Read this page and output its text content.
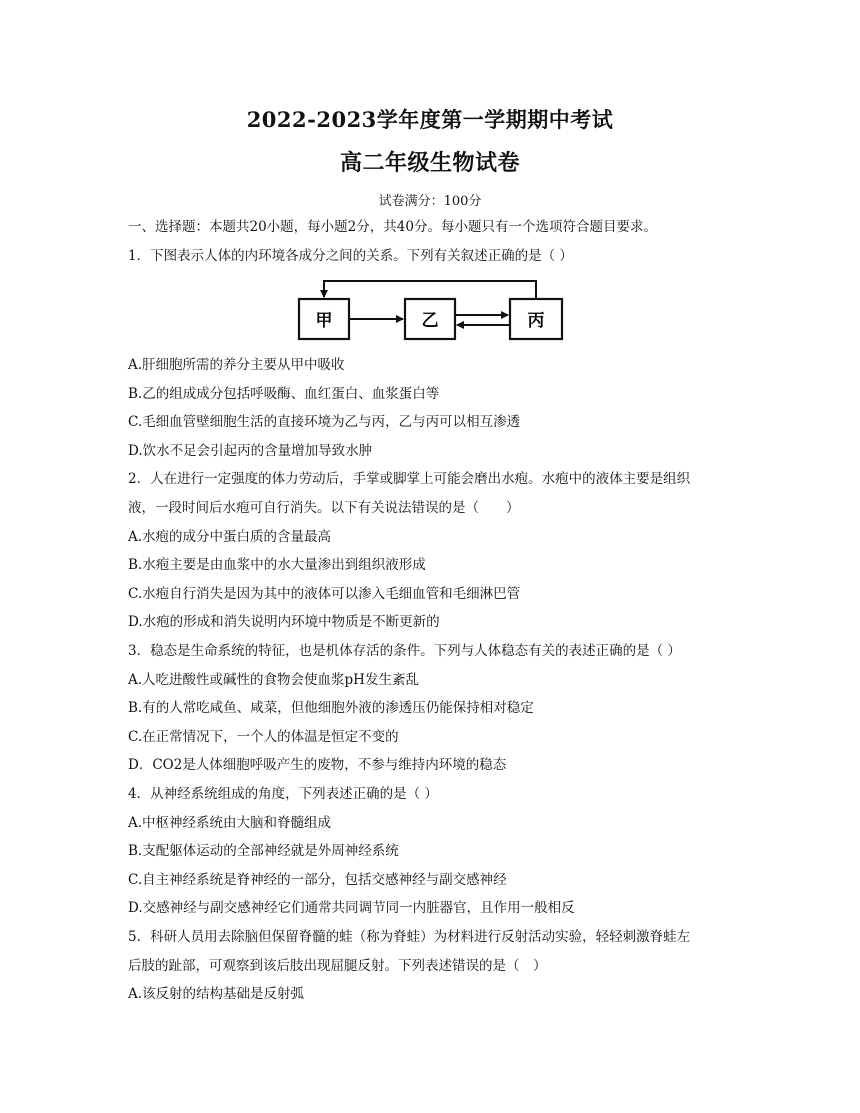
2022-2023学年度第一学期期中考试
高二年级生物试卷
试卷满分：100分
一、选择题：本题共20小题，每小题2分，共40分。每小题只有一个选项符合题目要求。
1．下图表示人体的内环境各成分之间的关系。下列有关叙述正确的是（ ）
甲	乙	丙
A.肝细胞所需的养分主要从甲中吸收
B.乙的组成成分包括呼吸酶、血红蛋白、血浆蛋白等
C.毛细血管壁细胞生活的直接环境为乙与丙，乙与丙可以相互渗透
D.饮水不足会引起丙的含量增加导致水肿
2．人在进行一定强度的体力劳动后，手掌或脚掌上可能会磨出水疱。水疱中的液体主要是组织
液，一段时间后水疱可自行消失。以下有关说法错误的是（　　）
A.水疱的成分中蛋白质的含量最高
B.水疱主要是由血浆中的水大量渗出到组织液形成
C.水疱自行消失是因为其中的液体可以渗入毛细血管和毛细淋巴管
D.水疱的形成和消失说明内环境中物质是不断更新的
3．稳态是生命系统的特征，也是机体存活的条件。下列与人体稳态有关的表述正确的是（ ）
A.人吃进酸性或碱性的食物会使血浆pH发生紊乱
B.有的人常吃咸鱼、咸菜，但他细胞外液的渗透压仍能保持相对稳定
C.在正常情况下，一个人的体温是恒定不变的
D．CO2是人体细胞呼吸产生的废物，不参与维持内环境的稳态
4．从神经系统组成的角度，下列表述正确的是（ ）
A.中枢神经系统由大脑和脊髓组成
B.支配躯体运动的全部神经就是外周神经系统
C.自主神经系统是脊神经的一部分，包括交感神经与副交感神经
D.交感神经与副交感神经它们通常共同调节同一内脏器官，且作用一般相反
5．科研人员用去除脑但保留脊髓的蛙（称为脊蛙）为材料进行反射活动实验，轻轻刺激脊蛙左
后肢的趾部，可观察到该后肢出现屈腿反射。下列表述错误的是（　）
A.该反射的结构基础是反射弧
